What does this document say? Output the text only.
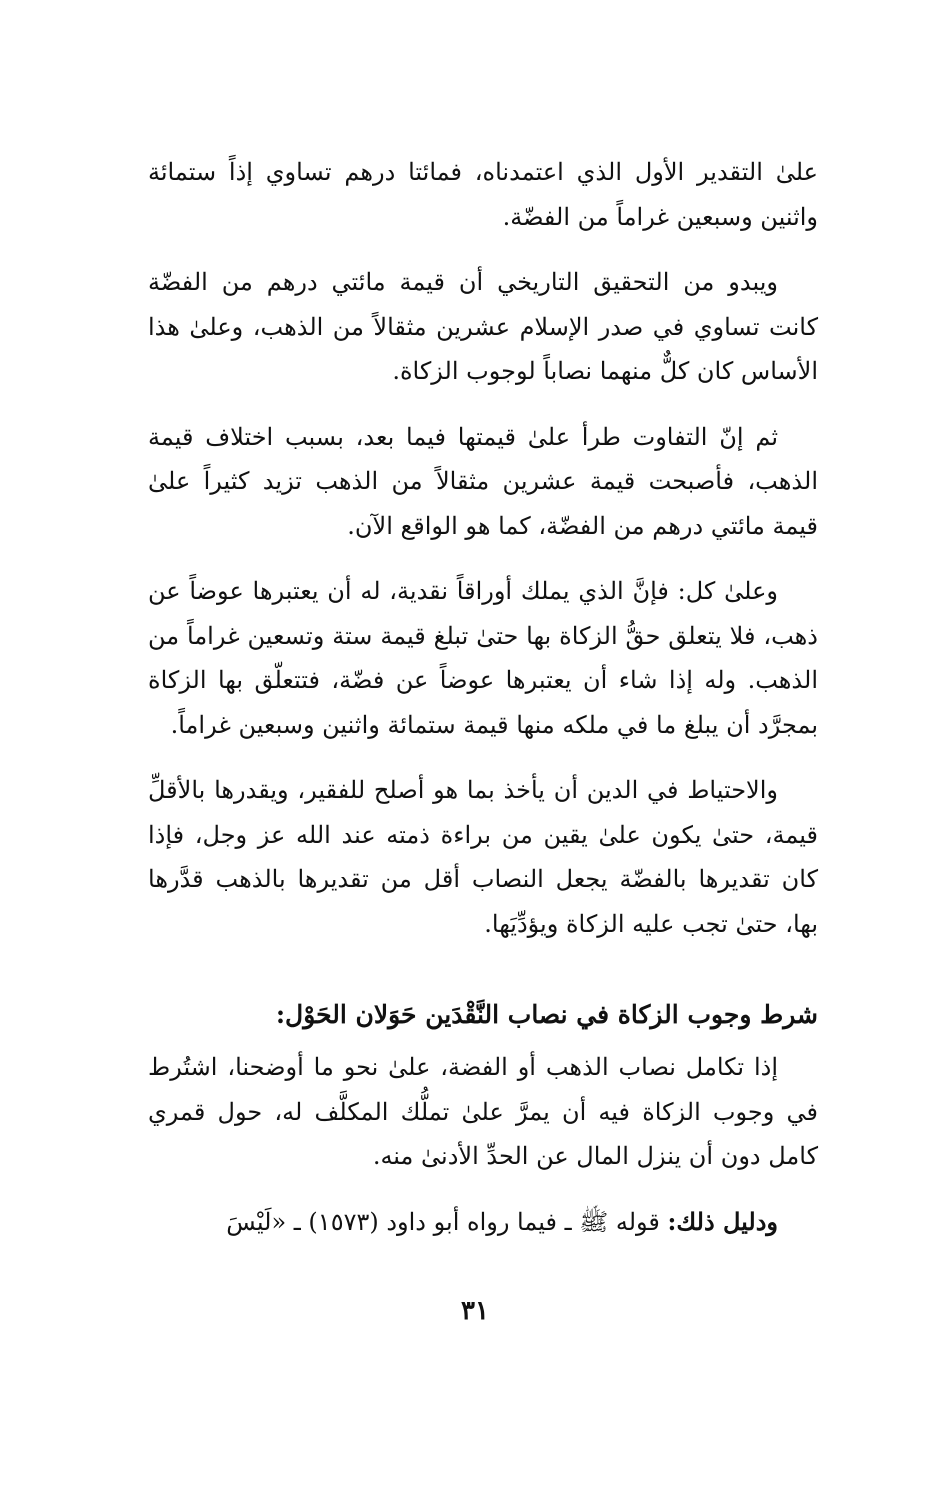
علىٰ التقدير الأول الذي اعتمدناه، فمائتا درهم تساوي إذاً ستمائة واثنين وسبعين غراماً من الفضّة.

ويبدو من التحقيق التاريخي أن قيمة مائتي درهم من الفضّة كانت تساوي في صدر الإسلام عشرين مثقالاً من الذهب، وعلىٰ هذا الأساس كان كلٌّ منهما نصاباً لوجوب الزكاة.

ثم إنّ التفاوت طرأ علىٰ قيمتها فيما بعد، بسبب اختلاف قيمة الذهب، فأصبحت قيمة عشرين مثقالاً من الذهب تزيد كثيراً علىٰ قيمة مائتي درهم من الفضّة، كما هو الواقع الآن.

وعلىٰ كل: فإنَّ الذي يملك أوراقاً نقدية، له أن يعتبرها عوضاً عن ذهب، فلا يتعلق حقُّ الزكاة بها حتىٰ تبلغ قيمة ستة وتسعين غراماً من الذهب. وله إذا شاء أن يعتبرها عوضاً عن فضّة، فتتعلّق بها الزكاة بمجرَّد أن يبلغ ما في ملكه منها قيمة ستمائة واثنين وسبعين غراماً.

والاحتياط في الدين أن يأخذ بما هو أصلح للفقير، ويقدرها بالأقلِّ قيمة، حتىٰ يكون علىٰ يقين من براءة ذمته عند الله عز وجل، فإذا كان تقديرها بالفضّة يجعل النصاب أقل من تقديرها بالذهب قدَّرها بها، حتىٰ تجب عليه الزكاة ويؤدِّيَها.

شرط وجوب الزكاة في نصاب النَّقْدَين حَوَلان الحَوْل:

إذا تكامل نصاب الذهب أو الفضة، علىٰ نحو ما أوضحنا، اشتُرط في وجوب الزكاة فيه أن يمرَّ علىٰ تملُّك المكلَّف له، حول قمري كامل دون أن ينزل المال عن الحدِّ الأدنىٰ منه.

ودليل ذلك: قوله ﷺ ـ فيما رواه أبو داود (١٥٧٣) ـ «لَيْسَ

٣١
